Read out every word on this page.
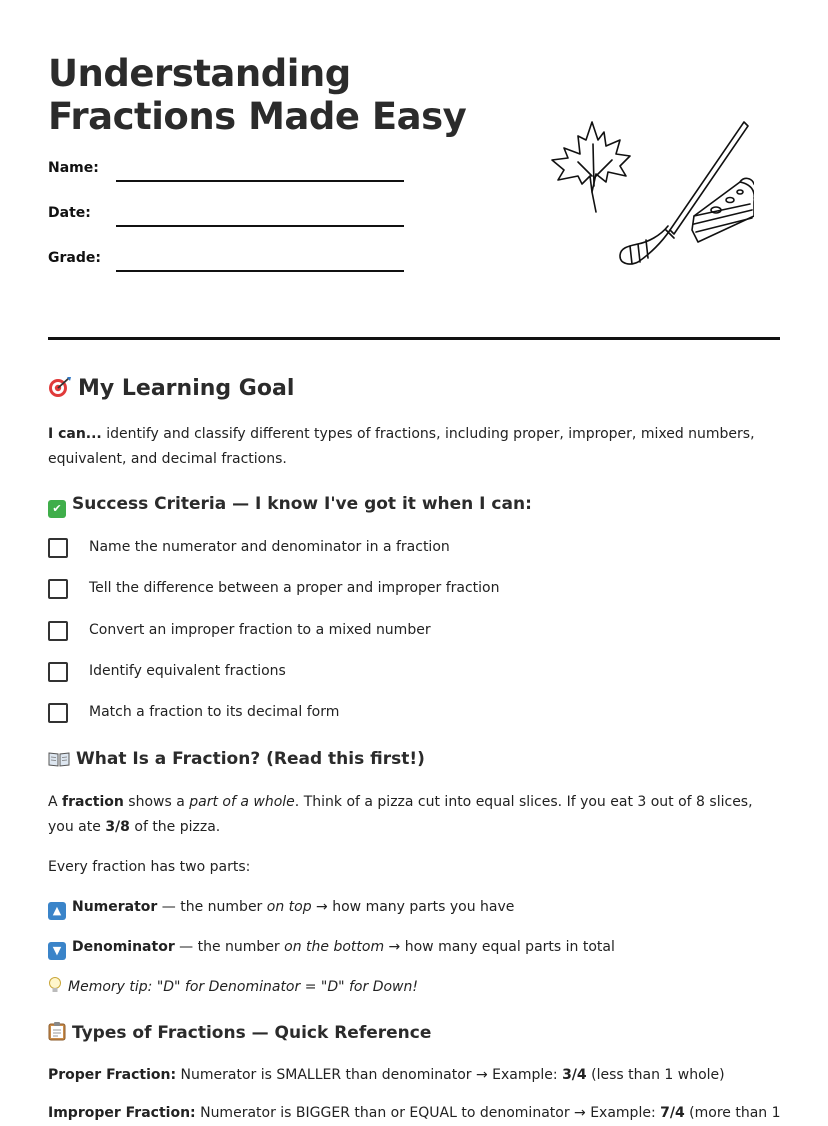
Understanding
Fractions Made Easy
Name:
Date:
Grade:
My Learning Goal

I can... identify and classify different types of fractions, including proper, improper, mixed numbers, equivalent, and decimal fractions.

✔ Success Criteria — I know I've got it when I can:
Name the numerator and denominator in a fraction
Tell the difference between a proper and improper fraction
Convert an improper fraction to a mixed number
Identify equivalent fractions
Match a fraction to its decimal form
What Is a Fraction? (Read this first!)

A fraction shows a part of a whole. Think of a pizza cut into equal slices. If you eat 3 out of 8 slices, you ate 3/8 of the pizza.

Every fraction has two parts:

▲ Numerator — the number on top → how many parts you have

▼ Denominator — the number on the bottom → how many equal parts in total

Memory tip: "D" for Denominator = "D" for Down!

Types of Fractions — Quick Reference

Proper Fraction: Numerator is SMALLER than denominator → Example: 3/4 (less than 1 whole)

Improper Fraction: Numerator is BIGGER than or EQUAL to denominator → Example: 7/4 (more than 1
